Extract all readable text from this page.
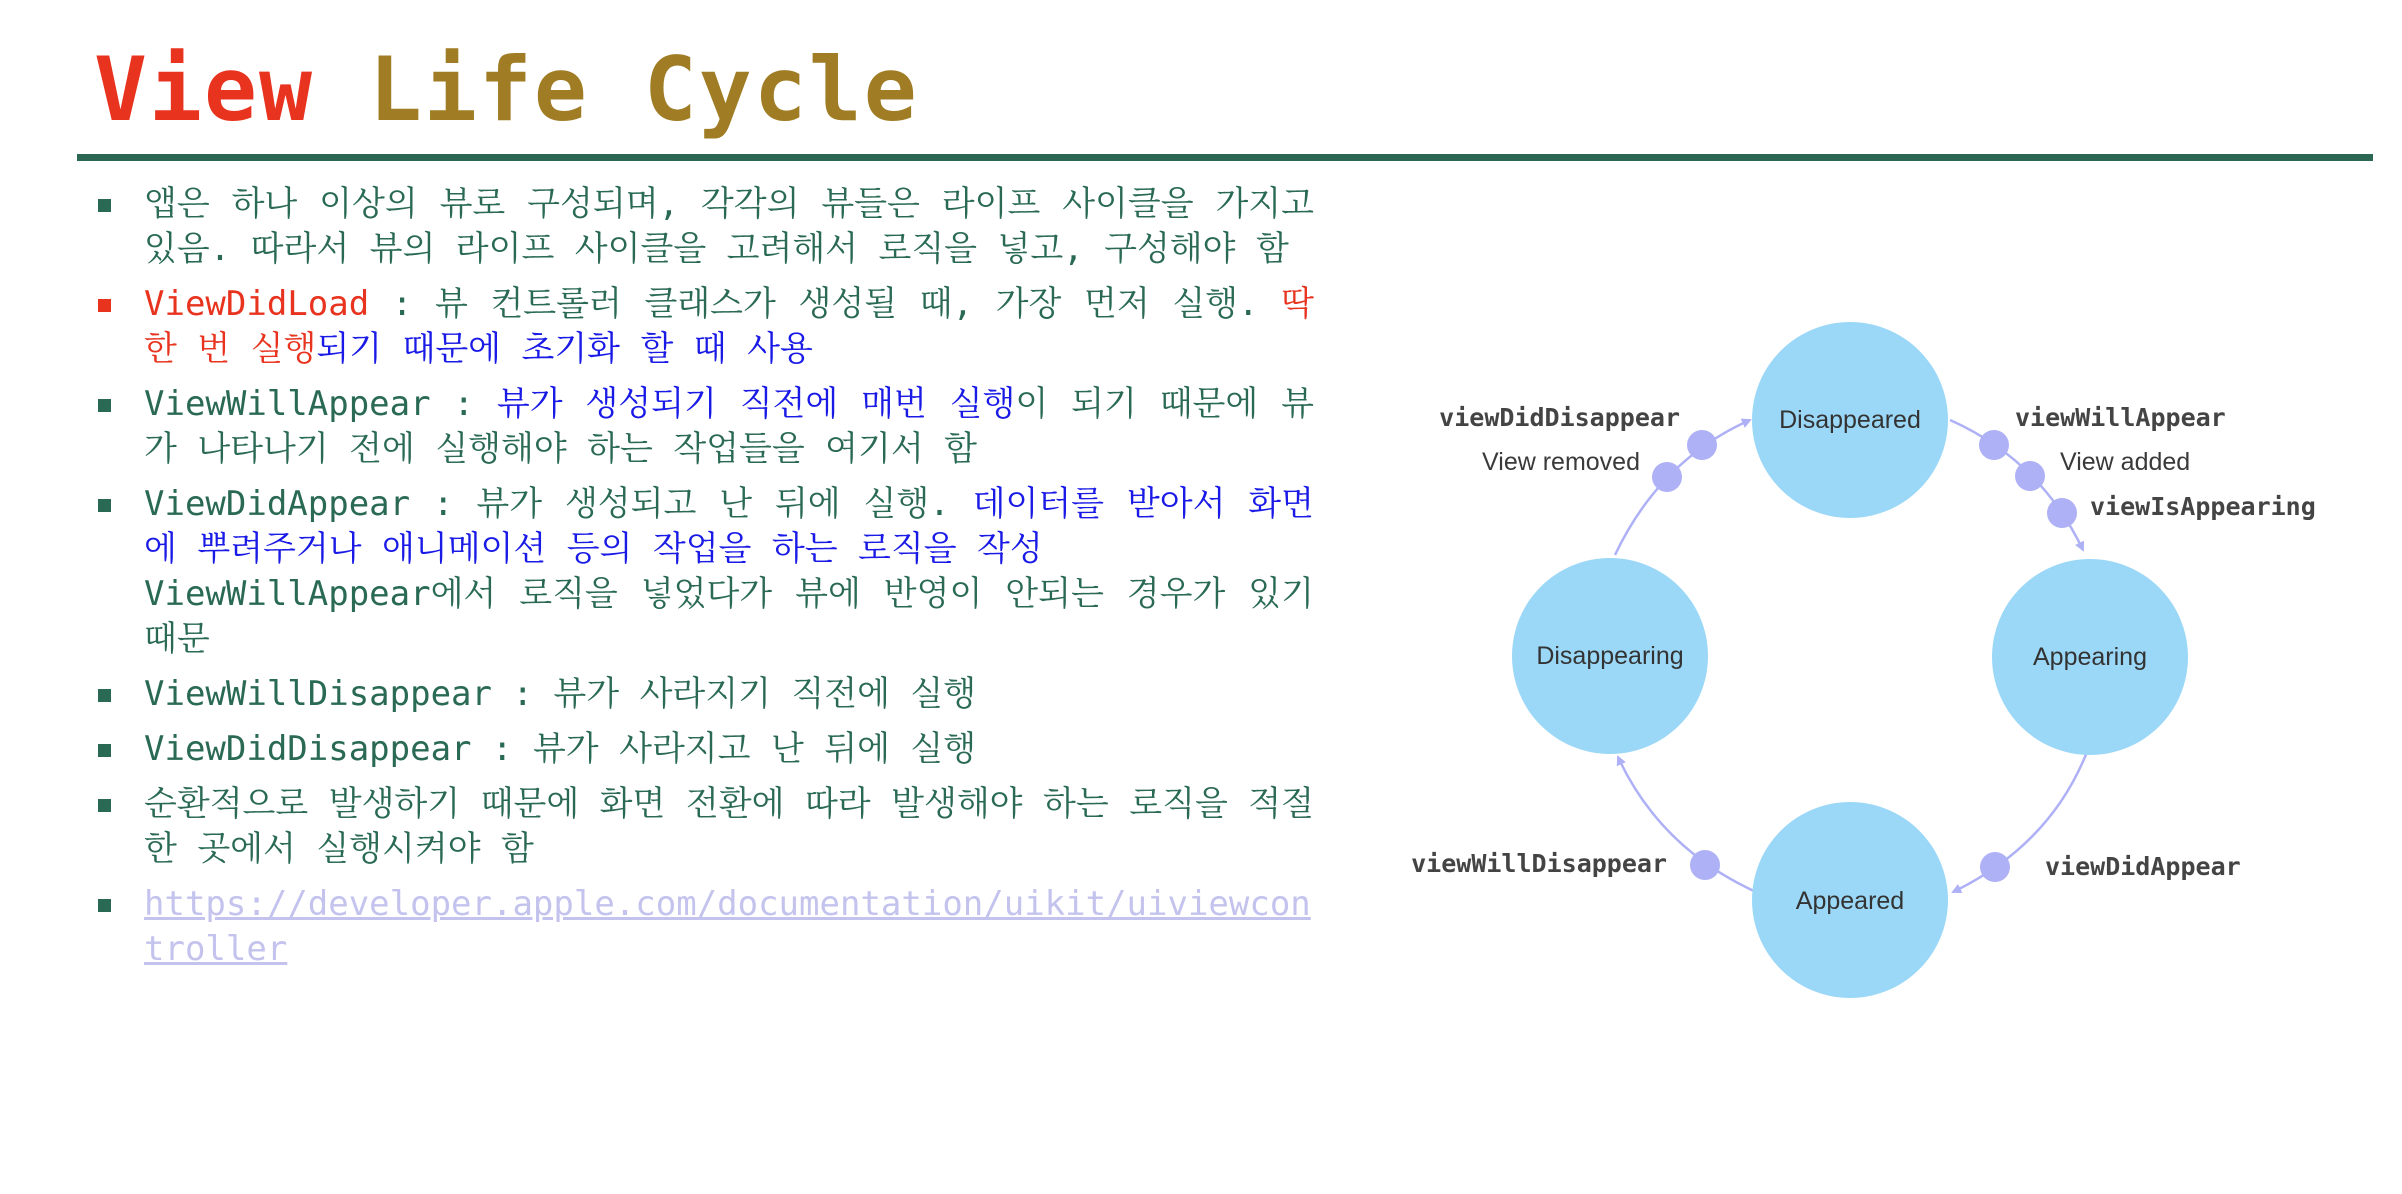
View Life Cycle
앱은 하나 이상의 뷰로 구성되며, 각각의 뷰들은 라이프 사이클을 가지고 있음. 따라서 뷰의 라이프 사이클을 고려해서 로직을 넣고, 구성해야 함
ViewDidLoad : 뷰 컨트롤러 클래스가 생성될 때, 가장 먼저 실행. 딱 한 번 실행되기 때문에 초기화 할 때 사용
ViewWillAppear : 뷰가 생성되기 직전에 매번 실행이 되기 때문에 뷰가 나타나기 전에 실행해야 하는 작업들을 여기서 함
ViewDidAppear : 뷰가 생성되고 난 뒤에 실행. 데이터를 받아서 화면에 뿌려주거나 애니메이션 등의 작업을 하는 로직을 작성
ViewWillAppear에서 로직을 넣었다가 뷰에 반영이 안되는 경우가 있기 때문
ViewWillDisappear : 뷰가 사라지기 직전에 실행
ViewDidDisappear : 뷰가 사라지고 난 뒤에 실행
순환적으로 발생하기 때문에 화면 전환에 따라 발생해야 하는 로직을 적절한 곳에서 실행시켜야 함
https://developer.apple.com/documentation/uikit/uiviewcontroller
Disappeared
Appearing
Appeared
Disappearing
viewWillAppear
View added
viewIsAppearing
viewDidAppear
viewWillDisappear
viewDidDisappear
View removed
